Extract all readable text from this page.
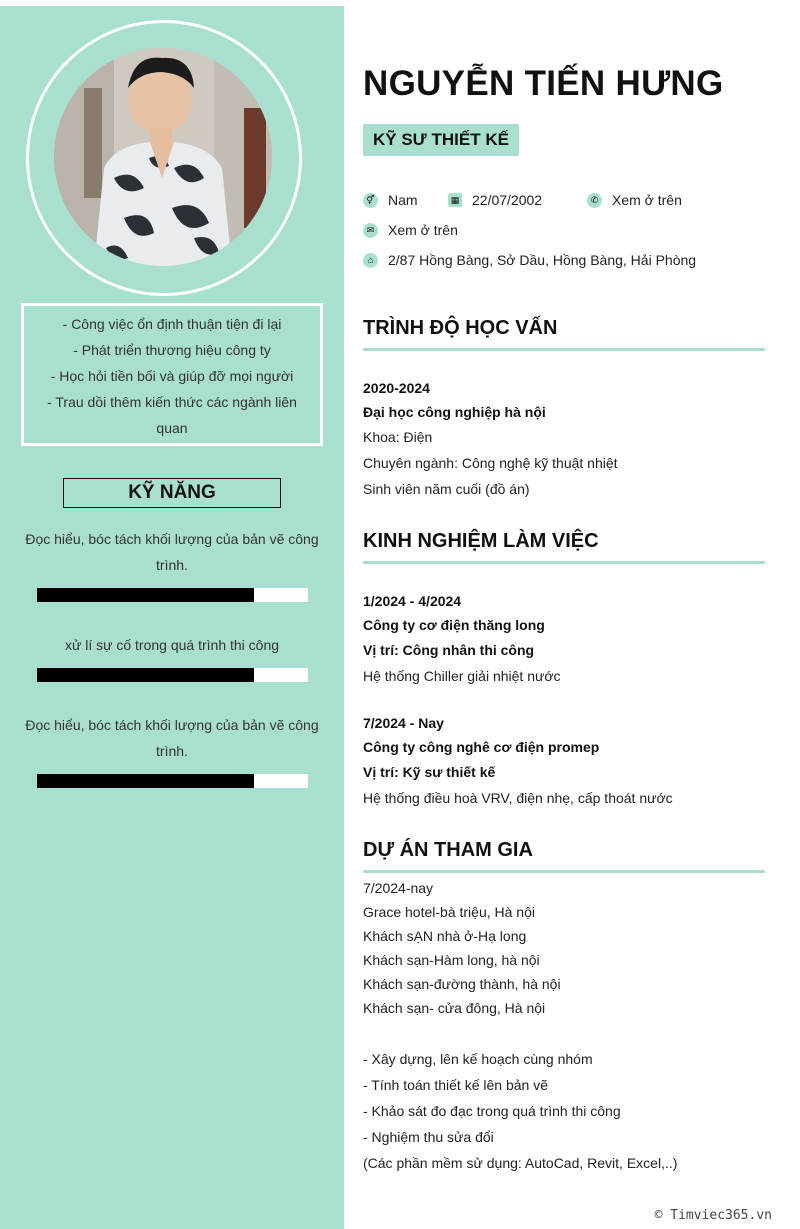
- Công việc ổn định thuận tiện đi lại
- Phát triển thương hiệu công ty
- Học hỏi tiền bối và giúp đỡ mọi người
- Trau dồi thêm kiến thức các ngành liên quan
KỸ NĂNG
Đọc hiểu, bóc tách khối lượng của bản vẽ công trình.
xử lí sự cố trong quá trình thi công
Đọc hiểu, bóc tách khối lượng của bản vẽ công trình.
NGUYỄN TIẾN HƯNG
KỸ SƯ THIẾT KẾ
⚥ Nam	▦ 22/07/2002	✆ Xem ở trên
✉ Xem ở trên
⌂	2/87 Hồng Bàng, Sở Dầu, Hồng Bàng, Hải Phòng
TRÌNH ĐỘ HỌC VẤN
2020-2024
Đại học công nghiệp hà nội
Khoa: Điện
Chuyên ngành: Công nghệ kỹ thuật nhiệt
Sinh viên năm cuối (đồ án)
KINH NGHIỆM LÀM VIỆC
1/2024 - 4/2024
Công ty cơ điện thăng long
Vị trí: Công nhân thi công
Hệ thống Chiller giải nhiệt nước
7/2024 - Nay
Công ty công nghê cơ điện promep
Vị trí: Kỹ sư thiết kế
Hệ thống điều hoà VRV, điện nhẹ, cấp thoát nước
DỰ ÁN THAM GIA
7/2024-nay
Grace hotel-bà triệu, Hà nội
Khách sẠN nhà ở-Hạ long
Khách sạn-Hàm long, hà nội
Khách sạn-đường thành, hà nội
Khách sạn- cửa đông, Hà nội
- Xây dựng, lên kế hoạch cùng nhóm
- Tính toán thiết kế lên bản vẽ
- Khảo sát đo đạc trong quá trình thi công
- Nghiệm thu sửa đổi
(Các phần mềm sử dụng: AutoCad, Revit, Excel,..)
© Timviec365.vn
